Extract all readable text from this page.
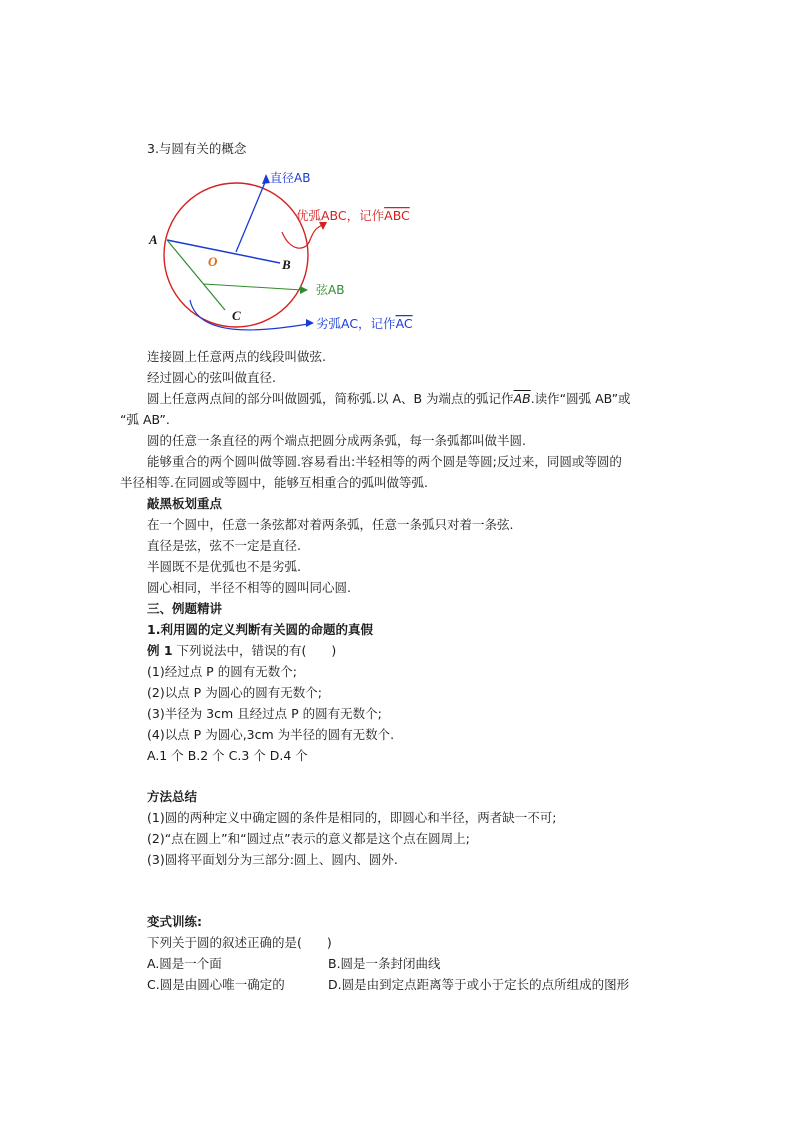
3.与圆有关的概念
A
B
C
O
直径AB
优弧ABC，记作ABC
弦AB
劣弧AC，记作AC
连接圆上任意两点的线段叫做弦.
经过圆心的弦叫做直径.
圆上任意两点间的部分叫做圆弧，简称弧.以 A、B 为端点的弧记作$\overline{AB}$.读作“圆弧 AB”或
“弧 AB”.
圆的任意一条直径的两个端点把圆分成两条弧，每一条弧都叫做半圆.
能够重合的两个圆叫做等圆.容易看出:半轻相等的两个圆是等圆;反过来，同圆或等圆的
半径相等.在同圆或等圆中，能够互相重合的弧叫做等弧.
敲黑板划重点
在一个圆中，任意一条弦都对着两条弧，任意一条弧只对着一条弦.
直径是弦，弦不一定是直径.
半圆既不是优弧也不是劣弧.
圆心相同，半径不相等的圆叫同心圆.
三、例题精讲
1.利用圆的定义判断有关圆的命题的真假
例 1 下列说法中，错误的有(　　)
(1)经过点 P 的圆有无数个;
(2)以点 P 为圆心的圆有无数个;
(3)半径为 3cm 且经过点 P 的圆有无数个;
(4)以点 P 为圆心,3cm 为半径的圆有无数个.
A.1 个 B.2 个 C.3 个 D.4 个
方法总结
(1)圆的两种定义中确定圆的条件是相同的，即圆心和半径，两者缺一不可;
(2)“点在圆上”和“圆过点”表示的意义都是这个点在圆周上;
(3)圆将平面划分为三部分:圆上、圆内、圆外.
变式训练:
下列关于圆的叙述正确的是(　　)
A.圆是一个面	B.圆是一条封闭曲线
C.圆是由圆心唯一确定的	D.圆是由到定点距离等于或小于定长的点所组成的图形
